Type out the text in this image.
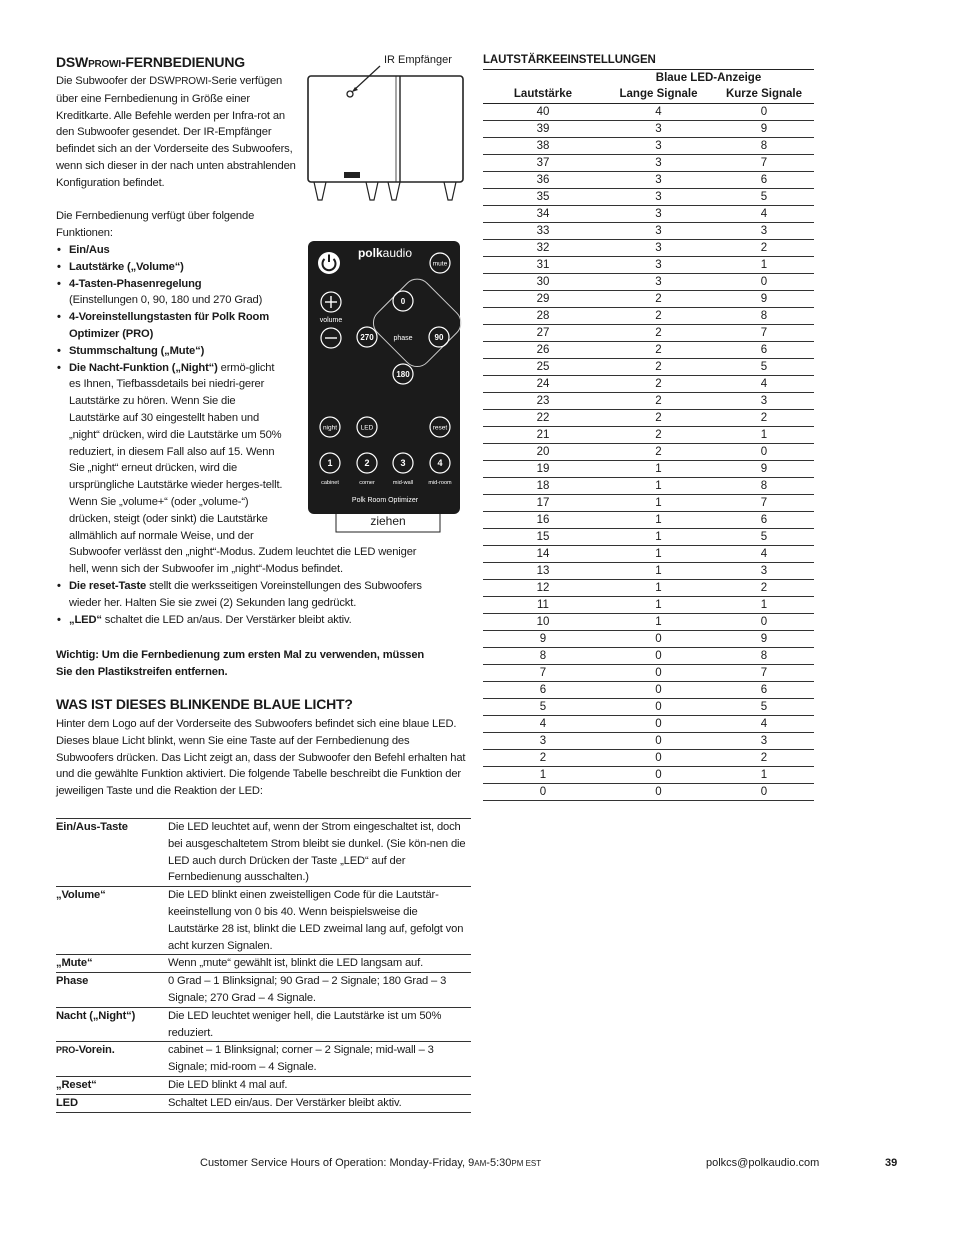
DSWPROWI-FERNBEDIENUNG

Die Subwoofer der DSWPROWI-Serie verfügen über eine Fernbedienung in Größe einer Kreditkarte. Alle Befehle werden per Infra-rot an den Subwoofer gesendet. Der IR-Empfänger befindet sich an der Vorderseite des Subwoofers, wenn sich dieser in der nach unten abstrahlenden Konfiguration befindet.

IR Empfänger

Die Fernbedienung verfügt über folgende Funktionen:

• Ein/Aus
• Lautstärke („Volume“)
• 4-Tasten-Phasenregelung
(Einstellungen 0, 90, 180 und 270 Grad)
• 4-Voreinstellungstasten für Polk Room Optimizer (PRO)
• Stummschaltung („Mute“)
• Die Nacht-Funktion („Night“) ermö-glicht es Ihnen, Tiefbassdetails bei niedri-gerer Lautstärke zu hören. Wenn Sie die Lautstärke auf 30 eingestellt haben und „night“ drücken, wird die Lautstärke um 50% reduziert, in diesem Fall also auf 15. Wenn Sie „night“ erneut drücken, wird die ursprüngliche Lautstärke wieder herges-tellt. Wenn Sie „volume+“ (oder „volume-“) drücken, steigt (oder sinkt) die Lautstärke allmählich auf normale Weise, und der
Subwoofer verlässt den „night“-Modus. Zudem leuchtet die LED weniger hell, wenn sich der Subwoofer im „night“-Modus befindet.
• Die reset-Taste stellt die werksseitigen Voreinstellungen des Subwoofers wieder her. Halten Sie sie zwei (2) Sekunden lang gedrückt.
• „LED“ schaltet die LED an/aus. Der Verstärker bleibt aktiv.
polkaudio
mute
volume
0
270	90
180
phase
night	LED	reset
1	2	3	4
cabinet	corner	mid-wall	mid-room
Polk Room Optimizer
ziehen

Wichtig: Um die Fernbedienung zum ersten Mal zu verwenden, müssen Sie den Plastikstreifen entfernen.

WAS IST DIESES BLINKENDE BLAUE LICHT?

Hinter dem Logo auf der Vorderseite des Subwoofers befindet sich eine blaue LED. Dieses blaue Licht blinkt, wenn Sie eine Taste auf der Fernbedienung des Subwoofers drücken. Das Licht zeigt an, dass der Subwoofer den Befehl erhalten hat und die gewählte Funktion aktiviert. Die folgende Tabelle beschreibt die Funktion der jeweiligen Taste und die Reaktion der LED:

Ein/Aus-Taste	Die LED leuchtet auf, wenn der Strom eingeschaltet ist, doch bei ausgeschaltetem Strom bleibt sie dunkel. (Sie kön-nen die LED auch durch Drücken der Taste „LED“ auf der Fernbedienung ausschalten.)
„Volume“	Die LED blinkt einen zweistelligen Code für die Lautstär-keeinstellung von 0 bis 40. Wenn beispielsweise die Lautstärke 28 ist, blinkt die LED zweimal lang auf, gefolgt von acht kurzen Signalen.
„Mute“	Wenn „mute“ gewählt ist, blinkt die LED langsam auf.
Phase	0 Grad – 1 Blinksignal; 90 Grad – 2 Signale; 180 Grad – 3 Signale; 270 Grad – 4 Signale.
Nacht („Night“)	Die LED leuchtet weniger hell, die Lautstärke ist um 50% reduziert.
PRO-Vorein.	cabinet – 1 Blinksignal; corner – 2 Signale; mid-wall – 3 Signale; mid-room – 4 Signale.
„Reset“	Die LED blinkt 4 mal auf.
LED	Schaltet LED ein/aus. Der Verstärker bleibt aktiv.
LAUTSTÄRKEEINSTELLUNGEN
	Blaue LED-Anzeige	
Lautstärke	Lange Signale	Kurze Signale
40	4	0
39	3	9
38	3	8
37	3	7
36	3	6
35	3	5
34	3	4
33	3	3
32	3	2
31	3	1
30	3	0
29	2	9
28	2	8
27	2	7
26	2	6
25	2	5
24	2	4
23	2	3
22	2	2
21	2	1
20	2	0
19	1	9
18	1	8
17	1	7
16	1	6
15	1	5
14	1	4
13	1	3
12	1	2
11	1	1
10	1	0
9	0	9
8	0	8
7	0	7
6	0	6
5	0	5
4	0	4
3	0	3
2	0	2
1	0	1
0	0	0
Customer Service Hours of Operation: Monday-Friday, 9AM-5:30PM EST	polkcs@polkaudio.com	39
